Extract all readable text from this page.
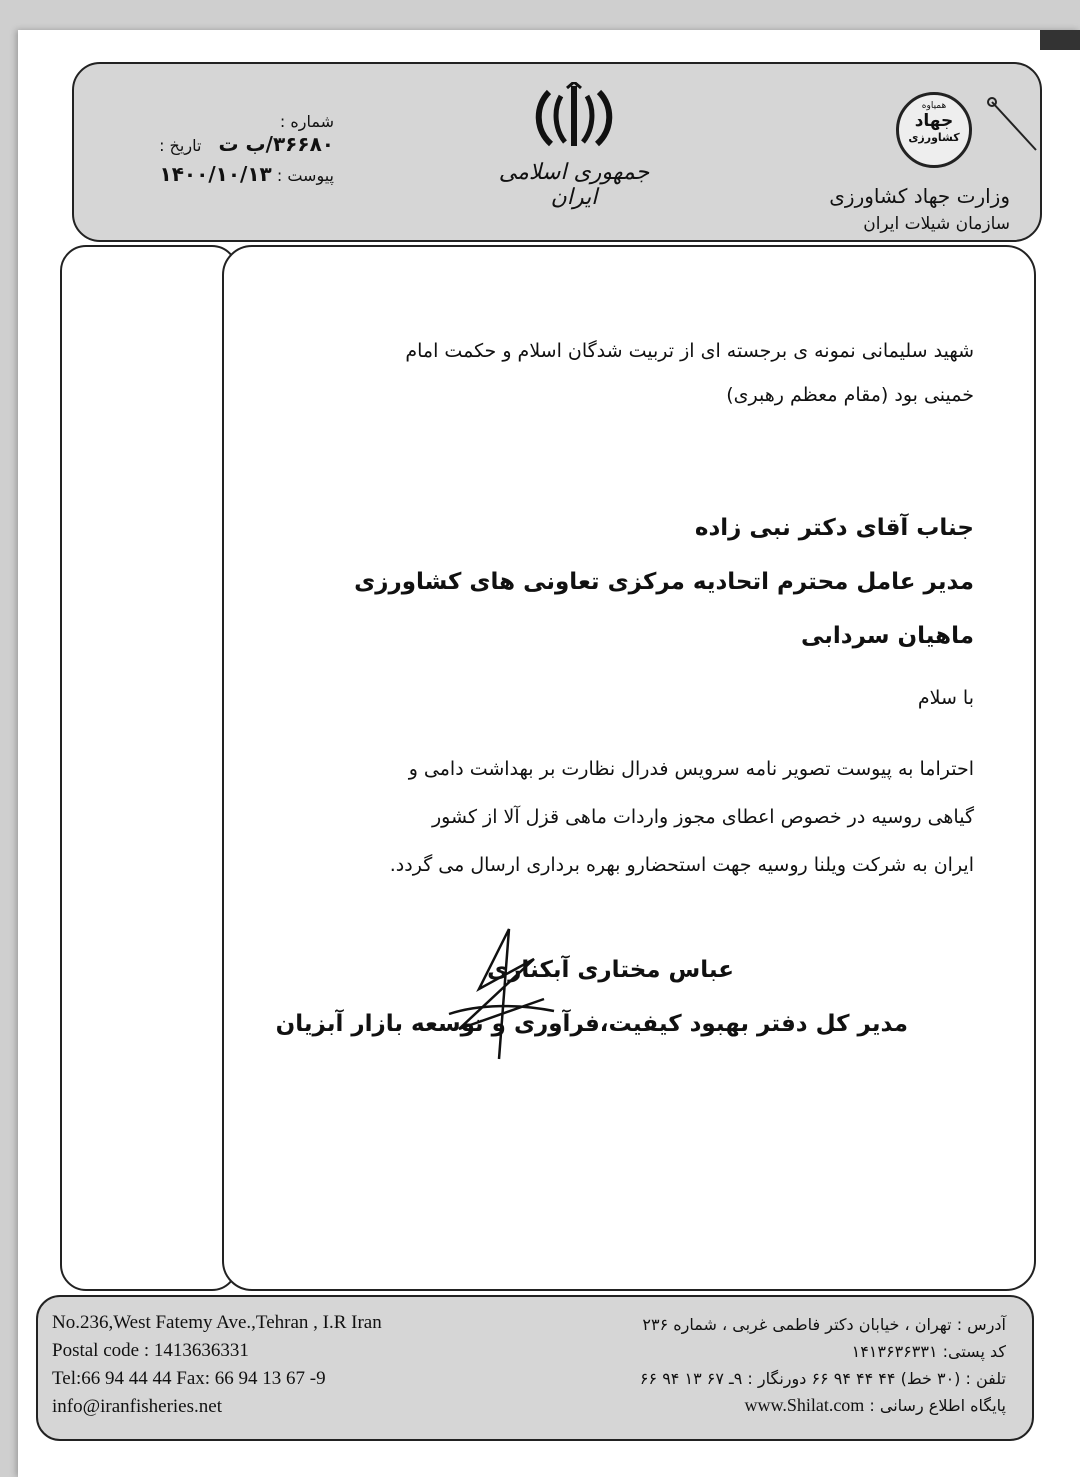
شماره :
۳۶۶۸۰/ب ت تاریخ :
پیوست : ۱۴۰۰/۱۰/۱۳	جمهوری اسلامی ایران
همیاوه
جهاد
کشاورزی
وزارت جهاد کشاورزی
سازمان شیلات ایران
شهید سلیمانی نمونه ی برجسته ای از تربیت شدگان اسلام و حکمت امام
خمینی بود (مقام معظم رهبری)
جناب آقای دکتر نبی زاده
مدیر عامل محترم اتحادیه مرکزی تعاونی های کشاورزی
ماهیان سردابی
با سلام
احتراما به پیوست تصویر نامه سرویس فدرال نظارت بر بهداشت دامی و
گیاهی روسیه در خصوص اعطای مجوز واردات ماهی قزل آلا از کشور
ایران به شرکت ویلنا روسیه جهت استحضارو بهره برداری ارسال می گردد.
عباس مختاری آبکناری
مدیر کل دفتر بهبود کیفیت،فرآوری و توسعه بازار آبزیان
No.236,West Fatemy Ave.,Tehran , I.R Iran
Postal code : 1413636331
Tel:66 94 44 44 Fax: 66 94 13 67 -9
info@iranfisheries.net
آدرس : تهران ، خیابان دکتر فاطمی غربی ، شماره ۲۳۶
کد پستی: ۱۴۱۳۶۳۶۳۳۱
تلفن : (۳۰ خط) ۴۴ ۴۴ ۹۴ ۶۶ دورنگار : ۹ـ ۶۷ ۱۳ ۹۴ ۶۶
پایگاه اطلاع رسانی : www.Shilat.com
